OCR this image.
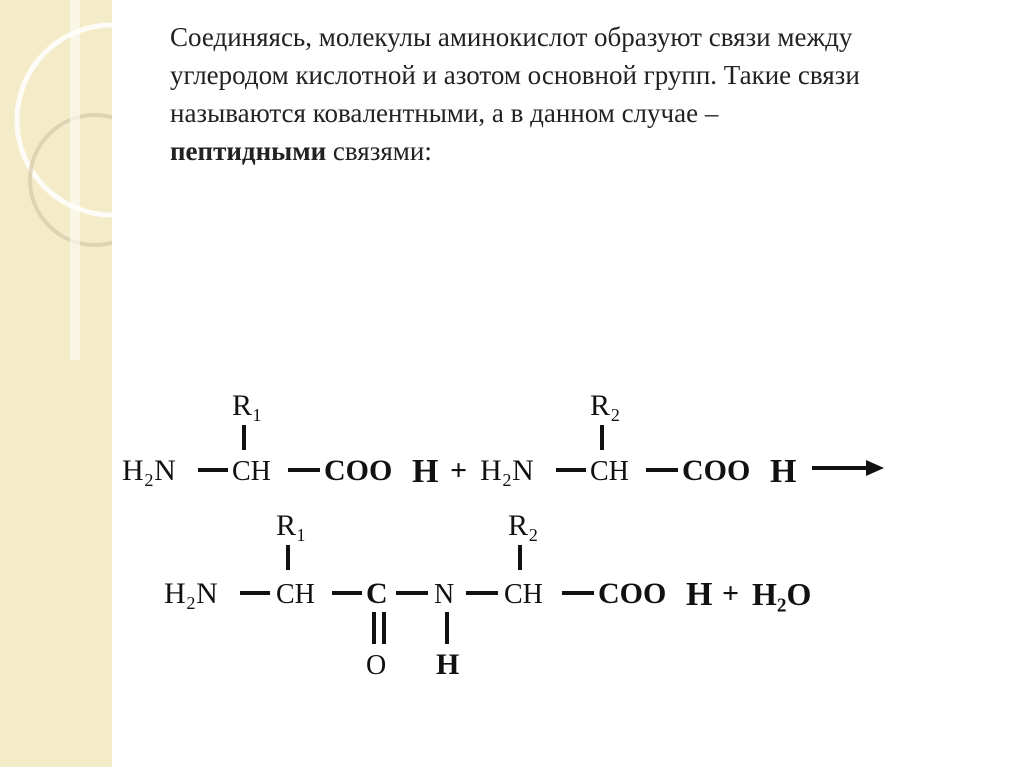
Соединяясь, молекулы аминокислот образуют связи между
углеродом кислотной и азотом основной групп. Такие связи
называются ковалентными, а в данном случае –
пептидными связями:
R₁
H₂N CH COO H +
R₂
H₂N CH COO H
R₁
H₂N CH C
O
N
H
R₂
CH COO H + H₂O
